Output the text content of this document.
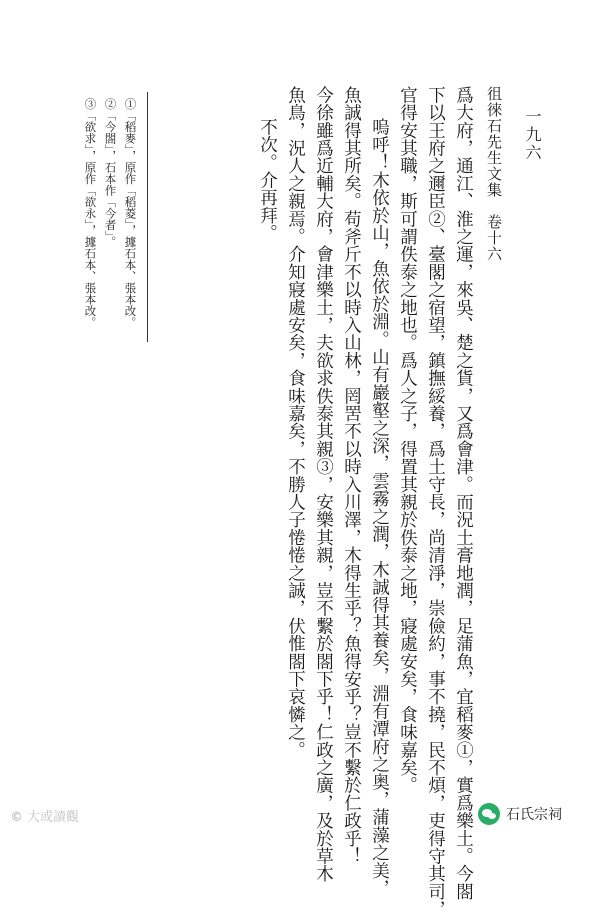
徂徠石先生文集　卷十六 一九六
爲大府，通江、淮之運，來吳、楚之貨，又爲會津。而況土膏地潤，足蒲魚，宜稻麥①，實爲樂土。今閤
下以王府之邇臣②、臺閣之宿望，鎮撫綏養，爲土守長，尚清淨，崇儉約，事不撓，民不煩，吏得守其司，
官得安其職，斯可謂佚泰之地也。爲人之子，得置其親於佚泰之地，寢處安矣，食味嘉矣。
嗚呼！木依於山，魚依於淵。山有巖壑之深，雲霧之潤，木誠得其養矣，淵有潭府之奥，蒲藻之美，
魚誠得其所矣。苟斧斤不以時入山林，罔罟不以時入川澤，木得生乎？魚得安乎？豈不繫於仁政乎！
今徐雖爲近輔大府，會津樂土，夫欲求佚泰其親③，安樂其親，豈不繫於閤下乎！仁政之廣，及於草木
魚鳥，況人之親焉。介知寢處安矣，食味嘉矣，不勝人子惓惓之誠，伏惟閤下哀憐之。
不次。介再拜。
①「稻麥」，原作「稻菱」，據石本、張本改。
②「今閤」，石本作「今者」。
③「欲求」，原作「欲永」，據石本、張本改。
© 大或讀觀	石氏宗祠
